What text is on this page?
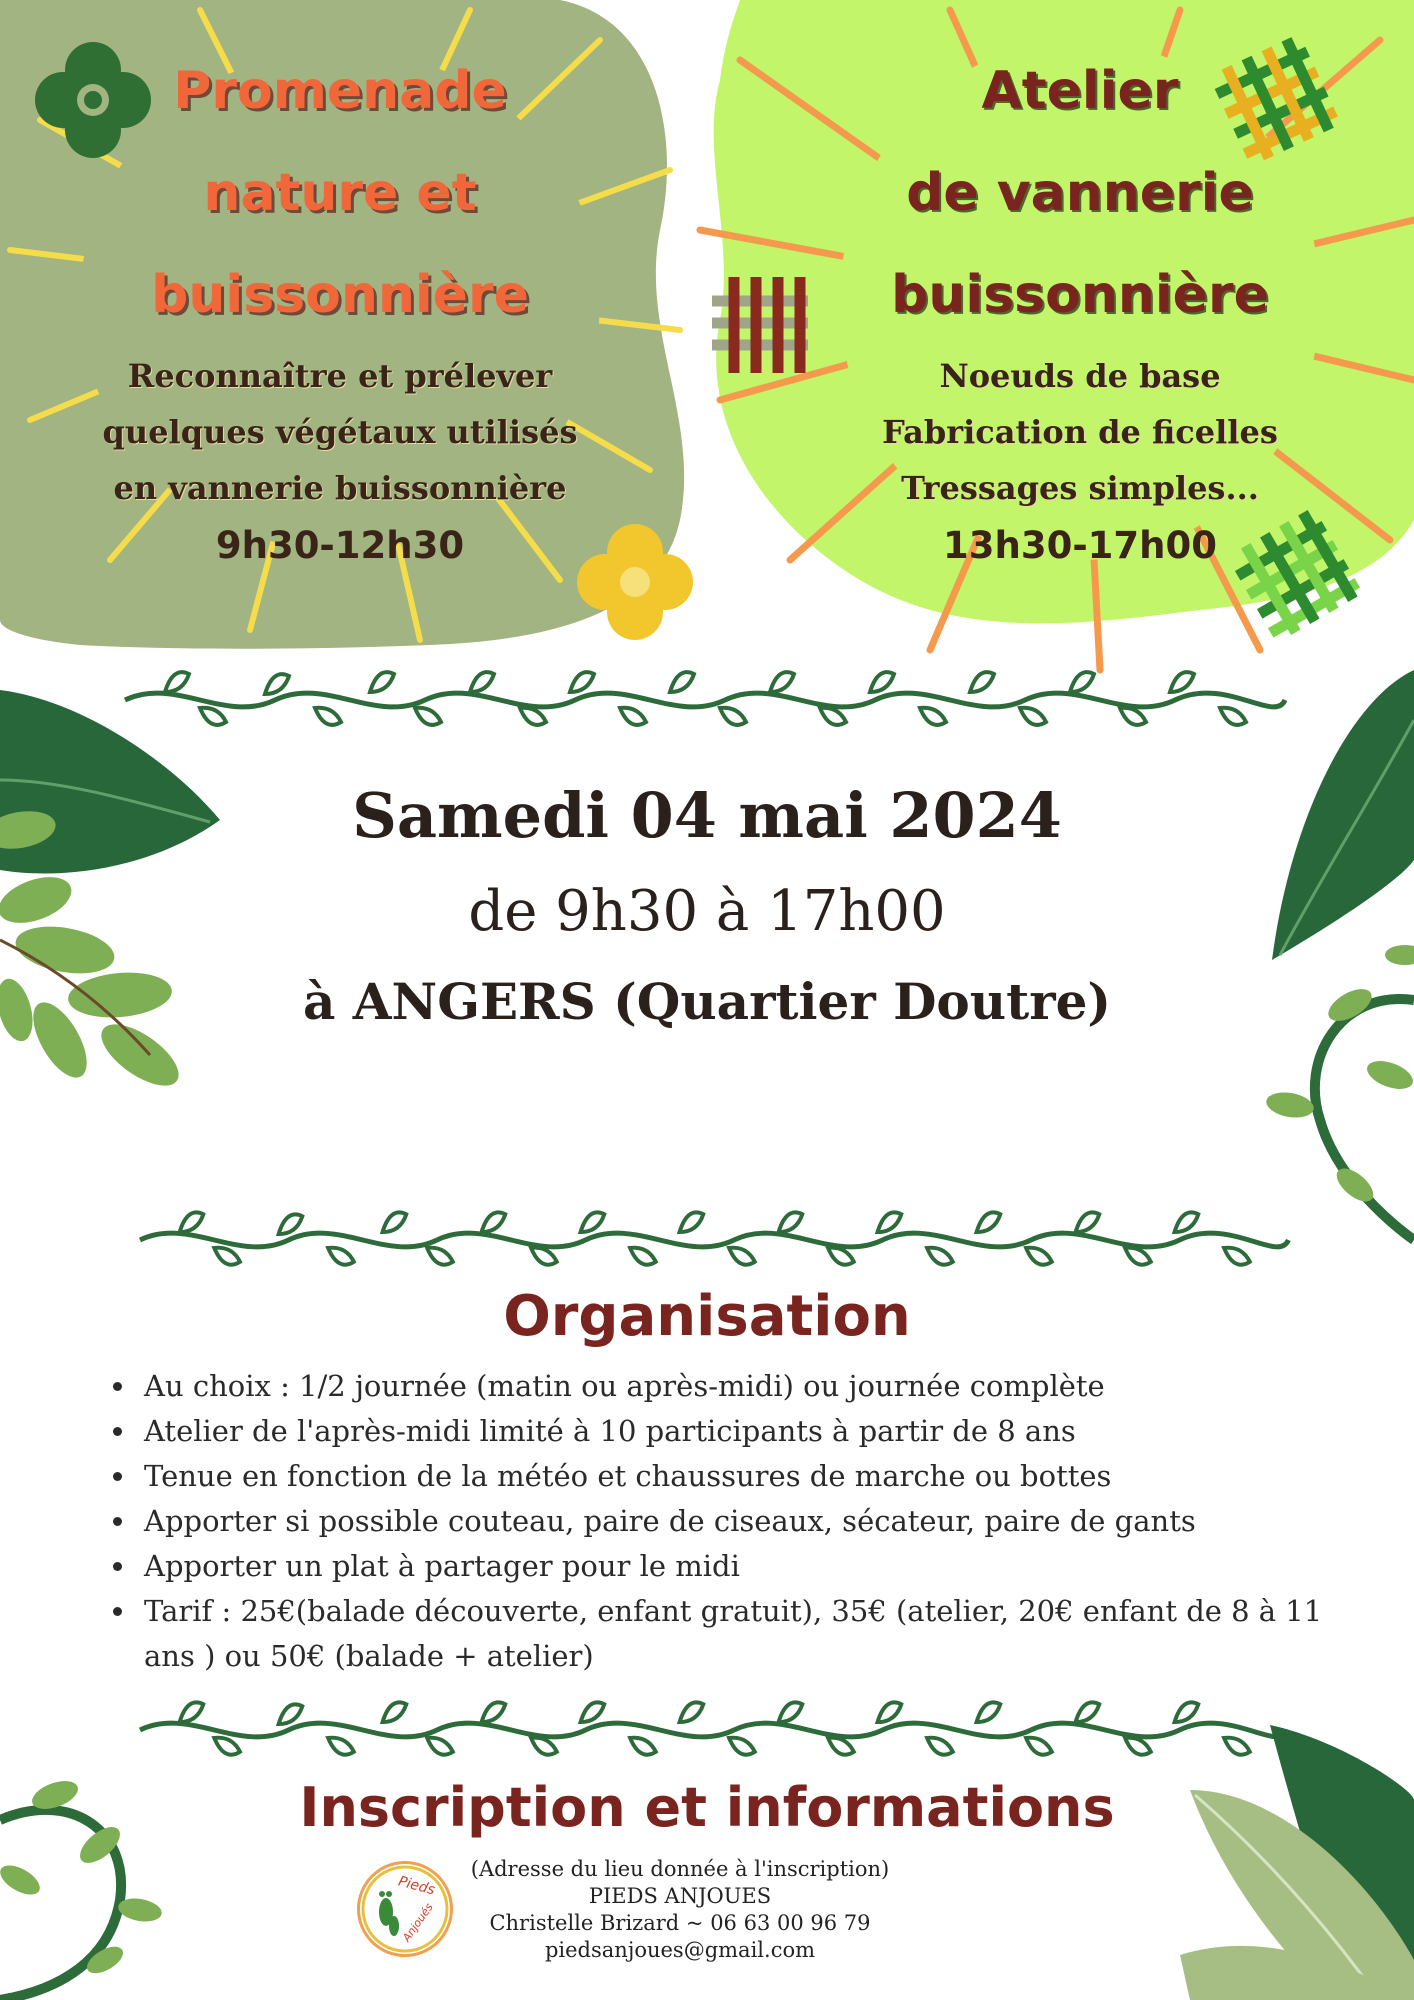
Promenade
nature et
buissonnière
Reconnaître et prélever
quelques végétaux utilisés
en vannerie buissonnière
9h30-12h30
Atelier
de vannerie
buissonnière
Noeuds de base
Fabrication de ficelles
Tressages simples...
13h30-17h00
Samedi 04 mai 2024
de 9h30 à 17h00
à ANGERS (Quartier Doutre)
Organisation
• Au choix : 1/2 journée (matin ou après-midi) ou journée complète
• Atelier de l'après-midi limité à 10 participants à partir de 8 ans
• Tenue en fonction de la météo et chaussures de marche ou bottes
• Apporter si possible couteau, paire de ciseaux, sécateur, paire de gants
• Apporter un plat à partager pour le midi
• Tarif : 25€(balade découverte, enfant gratuit), 35€ (atelier, 20€ enfant de 8 à 11 ans ) ou 50€ (balade + atelier)
Inscription et informations
(Adresse du lieu donnée à l'inscription)
PIEDS ANJOUES
Christelle Brizard ~ 06 63 00 96 79
piedsanjoues@gmail.com
Pieds
Anjoués
